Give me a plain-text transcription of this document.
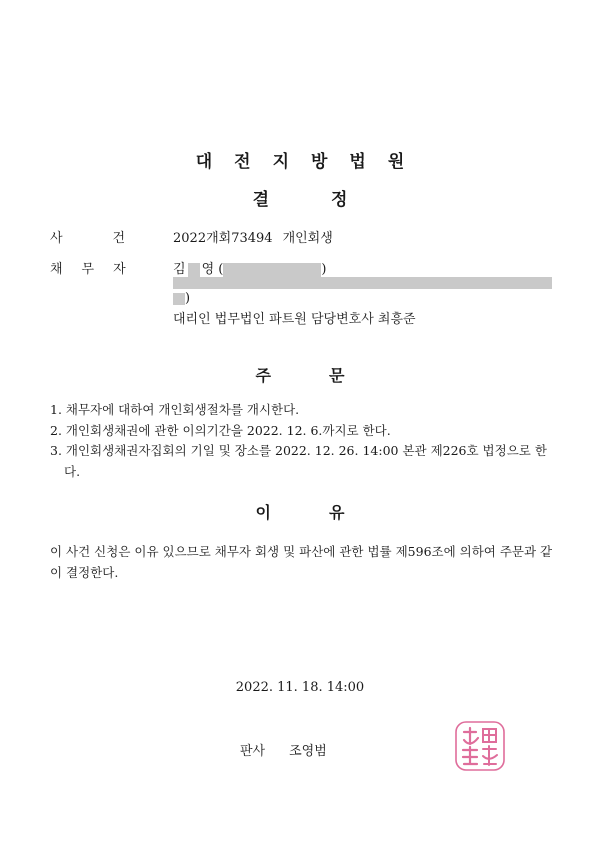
대전지방법원
결정
사건
2022개회73494 개인회생
채무자 김 영 (	)
)
대리인 법무법인 파트원 담당변호사 최흥준
주문
1. 채무자에 대하여 개인회생절차를 개시한다.
2. 개인회생채권에 관한 이의기간을 2022. 12. 6.까지로 한다.
3. 개인회생채권자집회의 기일 및 장소를 2022. 12. 26. 14:00 본관 제226호 법정으로 한다.
이유
이 사건 신청은 이유 있으므로 채무자 회생 및 파산에 관한 법률 제596조에 의하여 주문과 같이 결정한다.
2022. 11. 18. 14:00
판사 조영범
